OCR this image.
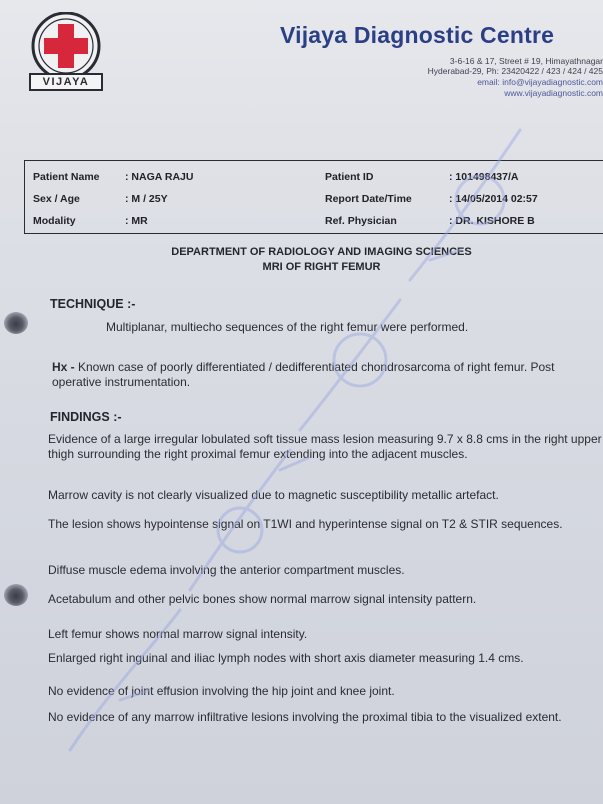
VIJAYA
Vijaya Diagnostic Centre
3-6-16 & 17, Street # 19, Himayathnagar
Hyderabad-29, Ph: 23420422 / 423 / 424 / 425
email: info@vijayadiagnostic.com
www.vijayadiagnostic.com
Patient Name : NAGA RAJU	Patient ID	: 101498437/A
Sex / Age	: M / 25Y	Report Date/Time	: 14/05/2014 02:57
Modality	: MR	Ref. Physician	: DR. KISHORE B
DEPARTMENT OF RADIOLOGY AND IMAGING SCIENCES
MRI OF RIGHT FEMUR
TECHNIQUE :-
Multiplanar, multiecho sequences of the right femur were performed.
Hx - Known case of poorly differentiated / dedifferentiated chondrosarcoma of right femur. Post operative instrumentation.
FINDINGS :-
Evidence of a large irregular lobulated soft tissue mass lesion measuring 9.7 x 8.8 cms in the right upper thigh surrounding the right proximal femur extending into the adjacent muscles.
Marrow cavity is not clearly visualized due to magnetic susceptibility metallic artefact.
The lesion shows hypointense signal on T1WI and hyperintense signal on T2 & STIR sequences.
Diffuse muscle edema involving the anterior compartment muscles.
Acetabulum and other pelvic bones show normal marrow signal intensity pattern.
Left femur shows normal marrow signal intensity.
Enlarged right inguinal and iliac lymph nodes with short axis diameter measuring 1.4 cms.
No evidence of joint effusion involving the hip joint and knee joint.
No evidence of any marrow infiltrative lesions involving the proximal tibia to the visualized extent.
